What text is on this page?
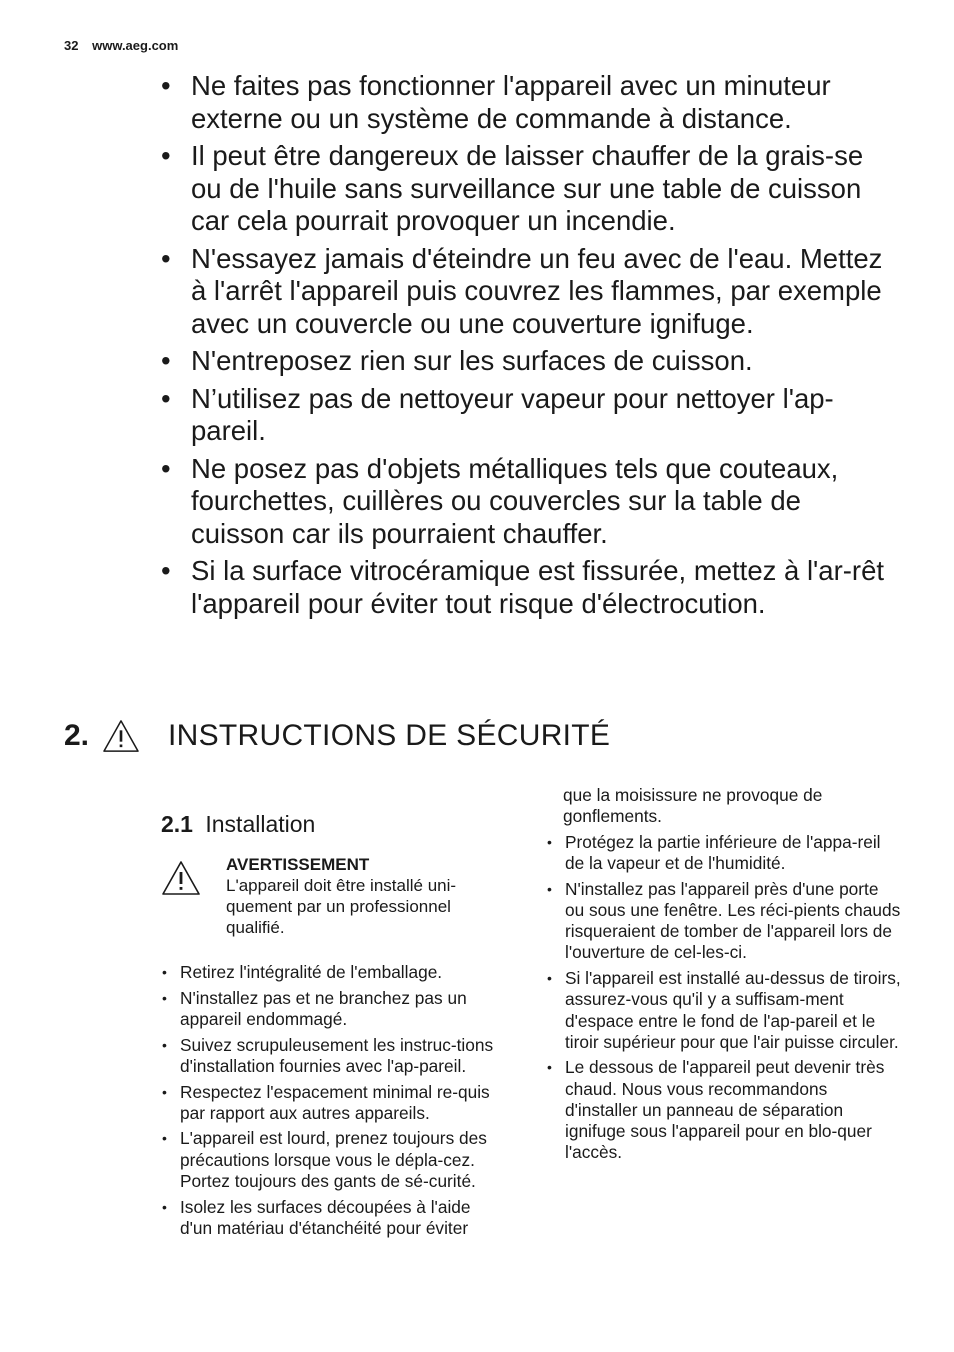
32 www.aeg.com
• Ne faites pas fonctionner l'appareil avec un minuteur externe ou un système de commande à distance.
• Il peut être dangereux de laisser chauffer de la grais-se ou de l'huile sans surveillance sur une table de cuisson car cela pourrait provoquer un incendie.
• N'essayez jamais d'éteindre un feu avec de l'eau. Mettez à l'arrêt l'appareil puis couvrez les flammes, par exemple avec un couvercle ou une couverture ignifuge.
• N'entreposez rien sur les surfaces de cuisson.
• N’utilisez pas de nettoyeur vapeur pour nettoyer l'ap-pareil.
• Ne posez pas d'objets métalliques tels que couteaux, fourchettes, cuillères ou couvercles sur la table de cuisson car ils pourraient chauffer.
• Si la surface vitrocéramique est fissurée, mettez à l'ar-rêt l'appareil pour éviter tout risque d'électrocution.
2.	INSTRUCTIONS DE SÉCURITÉ
2.1 Installation
AVERTISSEMENT
L'appareil doit être installé uni-quement par un professionnel qualifié.
• Retirez l'intégralité de l'emballage.
• N'installez pas et ne branchez pas un appareil endommagé.
• Suivez scrupuleusement les instruc-tions d'installation fournies avec l'ap-pareil.
• Respectez l'espacement minimal re-quis par rapport aux autres appareils.
• L'appareil est lourd, prenez toujours des précautions lorsque vous le dépla-cez. Portez toujours des gants de sé-curité.
• Isolez les surfaces découpées à l'aide d'un matériau d'étanchéité pour éviter
que la moisissure ne provoque de gonflements.
• Protégez la partie inférieure de l'appa-reil de la vapeur et de l'humidité.
• N'installez pas l'appareil près d'une porte ou sous une fenêtre. Les réci-pients chauds risqueraient de tomber de l'appareil lors de l'ouverture de cel-les-ci.
• Si l'appareil est installé au-dessus de tiroirs, assurez-vous qu'il y a suffisam-ment d'espace entre le fond de l'ap-pareil et le tiroir supérieur pour que l'air puisse circuler.
• Le dessous de l'appareil peut devenir très chaud. Nous vous recommandons d'installer un panneau de séparation ignifuge sous l'appareil pour en blo-quer l'accès.
